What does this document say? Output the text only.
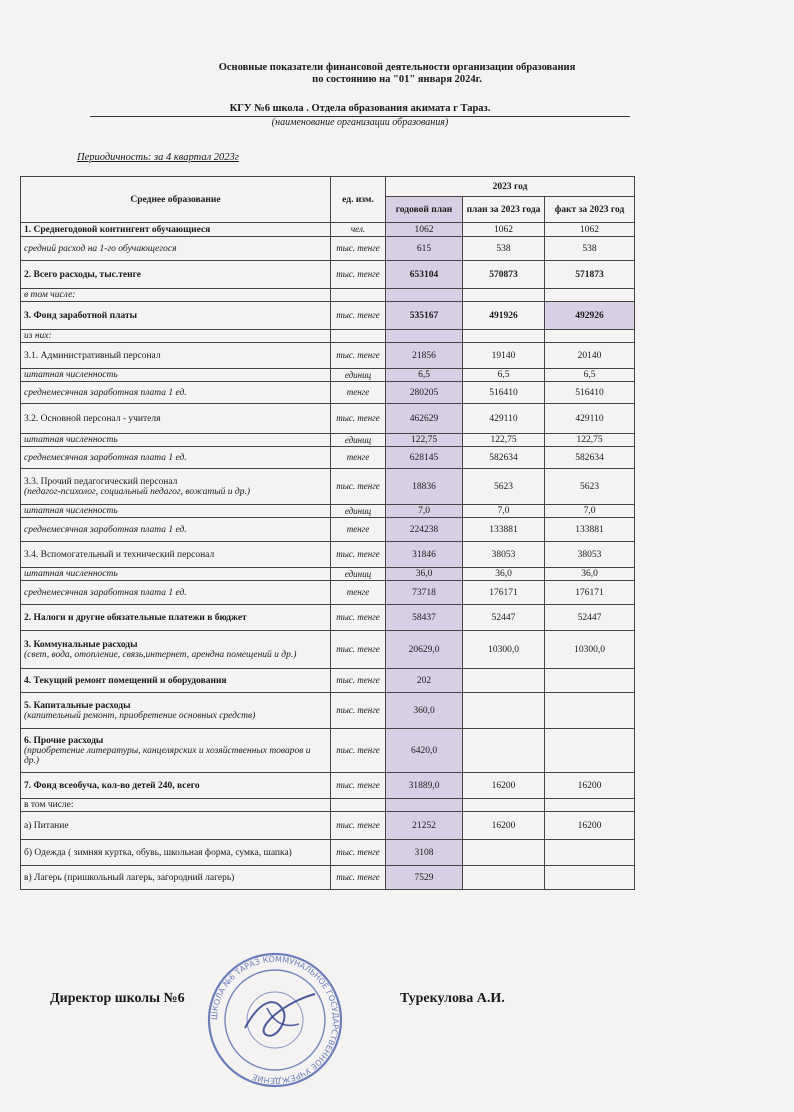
Основные показатели финансовой деятельности организации образования
по состоянию на "01" января 2024г.
КГУ №6 школа . Отдела образования акимата г Тараз.
(наименование организации образования)
Периодичность: за 4 квартал 2023г
Среднее образование	ед. изм.	2023 год		
		годовой план	план за 2023 года	факт за 2023 год
1. Среднегодовой контингент обучающиеся	чел.	1062	1062	1062
средний расход на 1-го обучающегося	тыс. тенге	615	538	538
2. Всего расходы, тыс.тенге	тыс. тенге	653104	570873	571873
в том числе:				
3. Фонд заработной платы	тыс. тенге	535167	491926	492926
из них:				
3.1. Административный персонал	тыс. тенге	21856	19140	20140
штатная численность	единиц	6,5	6,5	6,5
среднемесячная заработная плата 1 ед.	тенге	280205	516410	516410
3.2. Основной персонал - учителя	тыс. тенге	462629	429110	429110
штатная численность	единиц	122,75	122,75	122,75
среднемесячная заработная плата 1 ед.	тенге	628145	582634	582634
3.3. Прочий педагогический персонал
(педагог-психолог, социальный педагог, вожатый и др.)	тыс. тенге	18836	5623	5623
штатная численность	единиц	7,0	7,0	7,0
среднемесячная заработная плата 1 ед.	тенге	224238	133881	133881
3.4. Вспомогательный и технический персонал	тыс. тенге	31846	38053	38053
штатная численность	единиц	36,0	36,0	36,0
среднемесячная заработная плата 1 ед.	тенге	73718	176171	176171
2. Налоги и другие обязательные платежи в бюджет	тыс. тенге	58437	52447	52447
3. Коммунальные расходы
(свет, вода, отопление, связь,интернет, арендна помещений и др.)	тыс. тенге	20629,0	10300,0	10300,0
4. Текущий ремонт помещений и оборудования	тыс. тенге	202		
5. Капитальные расходы
(капительный ремонт, приобретение основных средств)	тыс. тенге	360,0		
6. Прочие расходы
(приобретение литературы, канцелярских и хозяйственных товаров и др.)	тыс. тенге	6420,0		
7. Фонд всеобуча, кол-во детей 240, всего	тыс. тенге	31889,0	16200	16200
в том числе:				
а) Питание	тыс. тенге	21252	16200	16200
б) Одежда ( зимняя куртка, обувь, школьная форма, сумка, шапка)	тыс. тенге	3108		
в) Лагерь (пришкольный лагерь, загородний лагерь)	тыс. тенге	7529		
Директор школы №6	Турекулова А.И.
ШКОЛА №6 ТАРАЗ КОММУНАЛЬНОЕ ГОСУДАРСТВЕННОЕ УЧРЕЖДЕНИЕ
